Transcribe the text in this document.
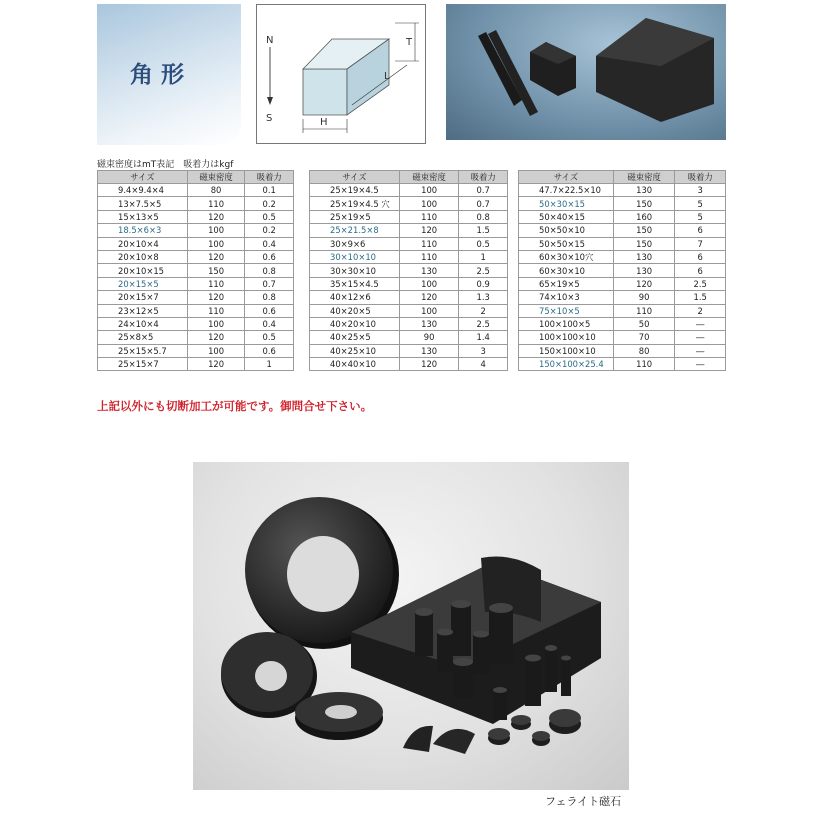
角形
N
S
T
L
H
磁束密度はmT表記　吸着力はkgf
サイズ	磁束密度	吸着力
9.4×9.4×4	80	0.1
13×7.5×5	110	0.2
15×13×5	120	0.5
18.5×6×3	100	0.2
20×10×4	100	0.4
20×10×8	120	0.6
20×10×15	150	0.8
20×15×5	110	0.7
20×15×7	120	0.8
23×12×5	110	0.6
24×10×4	100	0.4
25×8×5	120	0.5
25×15×5.7	100	0.6
25×15×7	120	1
サイズ	磁束密度	吸着力
25×19×4.5	100	0.7
25×19×4.5 穴	100	0.7
25×19×5	110	0.8
25×21.5×8	120	1.5
30×9×6	110	0.5
30×10×10	110	1
30×30×10	130	2.5
35×15×4.5	100	0.9
40×12×6	120	1.3
40×20×5	100	2
40×20×10	130	2.5
40×25×5	90	1.4
40×25×10	130	3
40×40×10	120	4
サイズ	磁束密度	吸着力
47.7×22.5×10	130	3
50×30×15	150	5
50×40×15	160	5
50×50×10	150	6
50×50×15	150	7
60×30×10穴	130	6
60×30×10	130	6
65×19×5	120	2.5
74×10×3	90	1.5
75×10×5	110	2
100×100×5	50	―
100×100×10	70	―
150×100×10	80	―
150×100×25.4	110	―
上記以外にも切断加工が可能です。御問合せ下さい。
フェライト磁石
